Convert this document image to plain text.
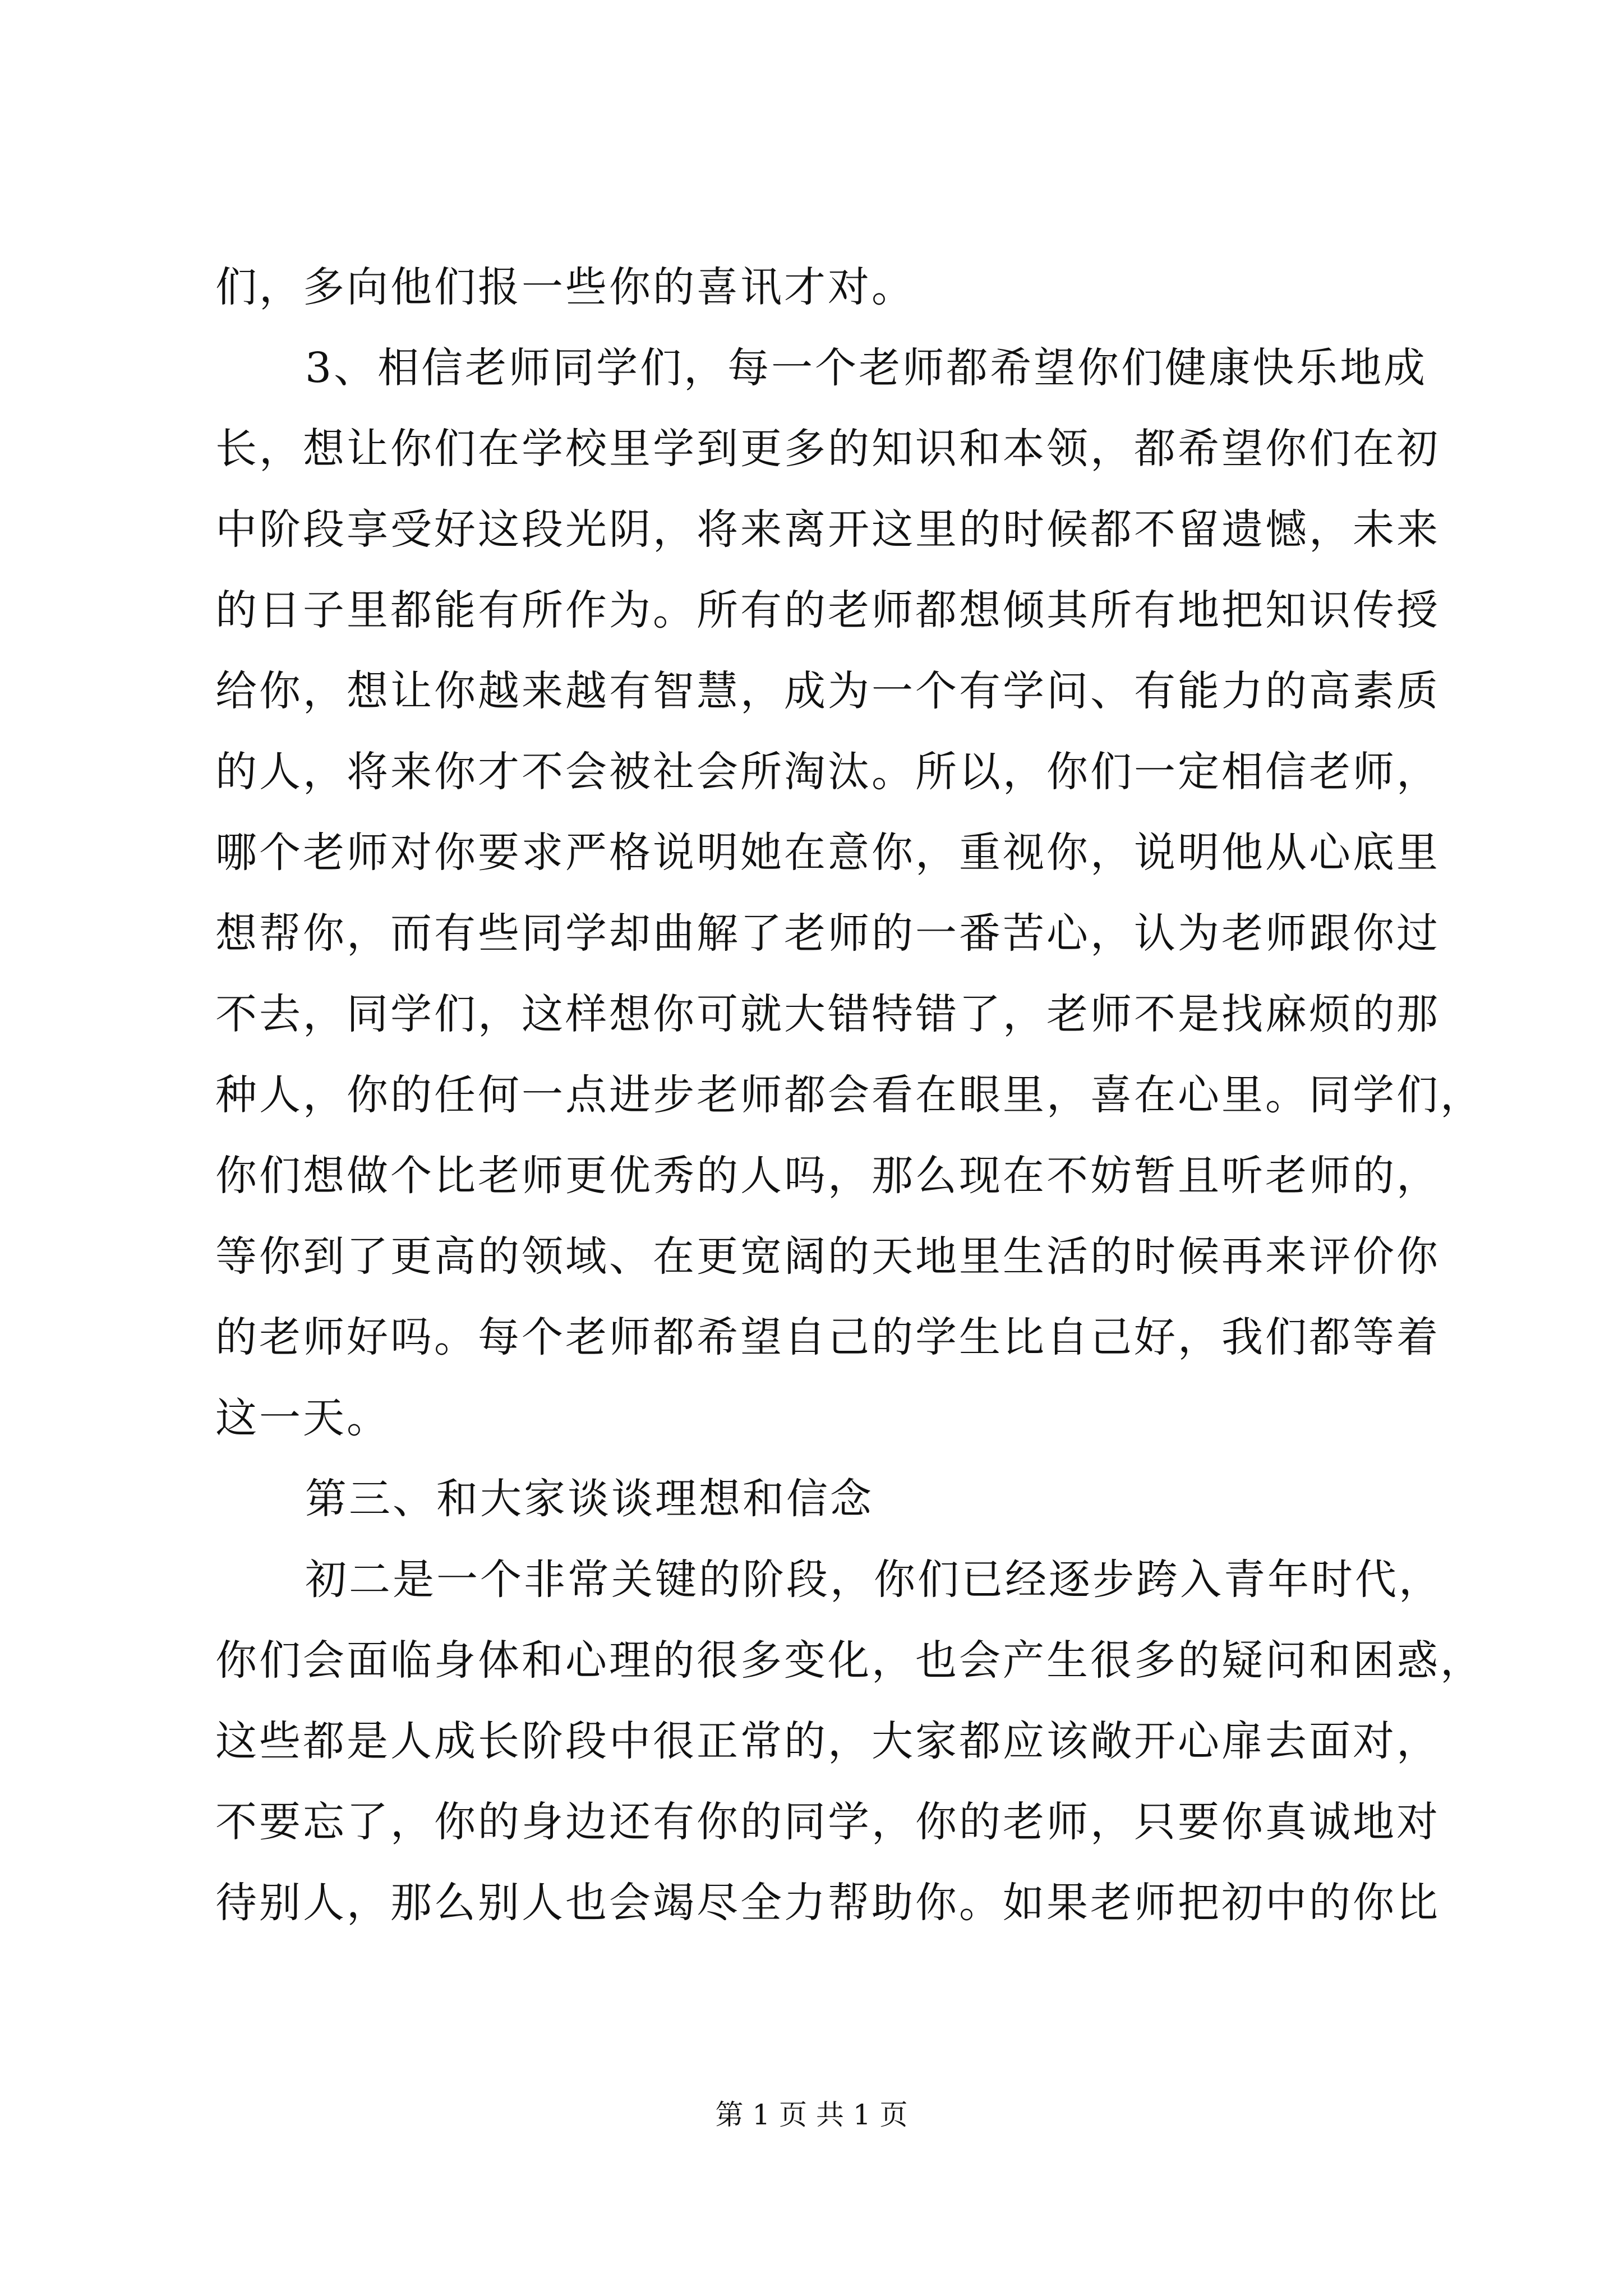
们，多向他们报一些你的喜讯才对。
3、相信老师同学们，每一个老师都希望你们健康快乐地成
长，想让你们在学校里学到更多的知识和本领，都希望你们在初
中阶段享受好这段光阴，将来离开这里的时候都不留遗憾，未来
的日子里都能有所作为。所有的老师都想倾其所有地把知识传授
给你，想让你越来越有智慧，成为一个有学问、有能力的高素质
的人，将来你才不会被社会所淘汰。所以，你们一定相信老师，
哪个老师对你要求严格说明她在意你，重视你，说明他从心底里
想帮你，而有些同学却曲解了老师的一番苦心，认为老师跟你过
不去，同学们，这样想你可就大错特错了，老师不是找麻烦的那
种人，你的任何一点进步老师都会看在眼里，喜在心里。同学们，
你们想做个比老师更优秀的人吗，那么现在不妨暂且听老师的，
等你到了更高的领域、在更宽阔的天地里生活的时候再来评价你
的老师好吗。每个老师都希望自己的学生比自己好，我们都等着
这一天。
第三、和大家谈谈理想和信念
初二是一个非常关键的阶段，你们已经逐步跨入青年时代，
你们会面临身体和心理的很多变化，也会产生很多的疑问和困惑，
这些都是人成长阶段中很正常的，大家都应该敞开心扉去面对，
不要忘了，你的身边还有你的同学，你的老师，只要你真诚地对
待别人，那么别人也会竭尽全力帮助你。如果老师把初中的你比
第 1 页 共 1 页
